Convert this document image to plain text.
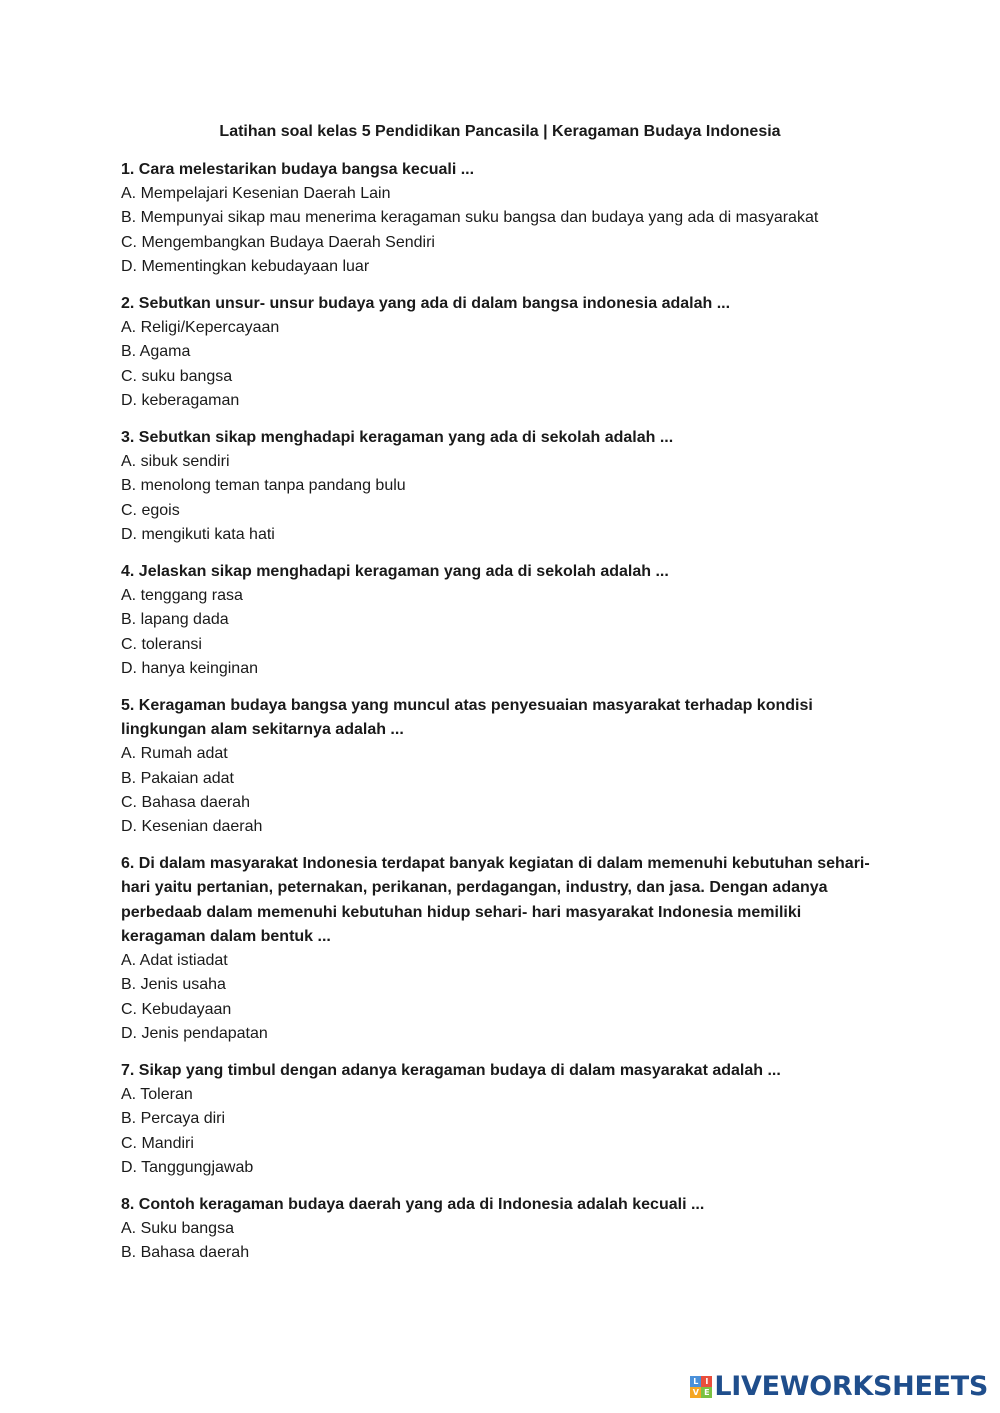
Latihan soal kelas 5 Pendidikan Pancasila | Keragaman Budaya Indonesia
1. Cara melestarikan budaya bangsa kecuali ...
A. Mempelajari Kesenian Daerah Lain
B. Mempunyai sikap mau menerima keragaman suku bangsa dan budaya yang ada di masyarakat
C. Mengembangkan Budaya Daerah Sendiri
D. Mementingkan kebudayaan luar
2. Sebutkan unsur- unsur budaya yang ada di dalam bangsa indonesia adalah ...
A. Religi/Kepercayaan
B. Agama
C. suku bangsa
D. keberagaman
3. Sebutkan sikap menghadapi keragaman yang ada di sekolah adalah ...
A. sibuk sendiri
B. menolong teman tanpa pandang bulu
C. egois
D. mengikuti kata hati
4. Jelaskan sikap menghadapi keragaman yang ada di sekolah adalah ...
A. tenggang rasa
B. lapang dada
C. toleransi
D. hanya keinginan
5. Keragaman budaya bangsa yang muncul atas penyesuaian masyarakat terhadap kondisi lingkungan alam sekitarnya adalah ...
A. Rumah adat
B. Pakaian adat
C. Bahasa daerah
D. Kesenian daerah
6. Di dalam masyarakat Indonesia terdapat banyak kegiatan di dalam memenuhi kebutuhan sehari- hari yaitu pertanian, peternakan, perikanan, perdagangan, industry, dan jasa. Dengan adanya perbedaab dalam memenuhi kebutuhan hidup sehari- hari masyarakat Indonesia memiliki keragaman dalam bentuk ...
A. Adat istiadat
B. Jenis usaha
C. Kebudayaan
D. Jenis pendapatan
7. Sikap yang timbul dengan adanya keragaman budaya di dalam masyarakat adalah ...
A. Toleran
B. Percaya diri
C. Mandiri
D. Tanggungjawab
8. Contoh keragaman budaya daerah yang ada di Indonesia adalah kecuali ...
A. Suku bangsa
B. Bahasa daerah
L I
V E LIVEWORKSHEETS
